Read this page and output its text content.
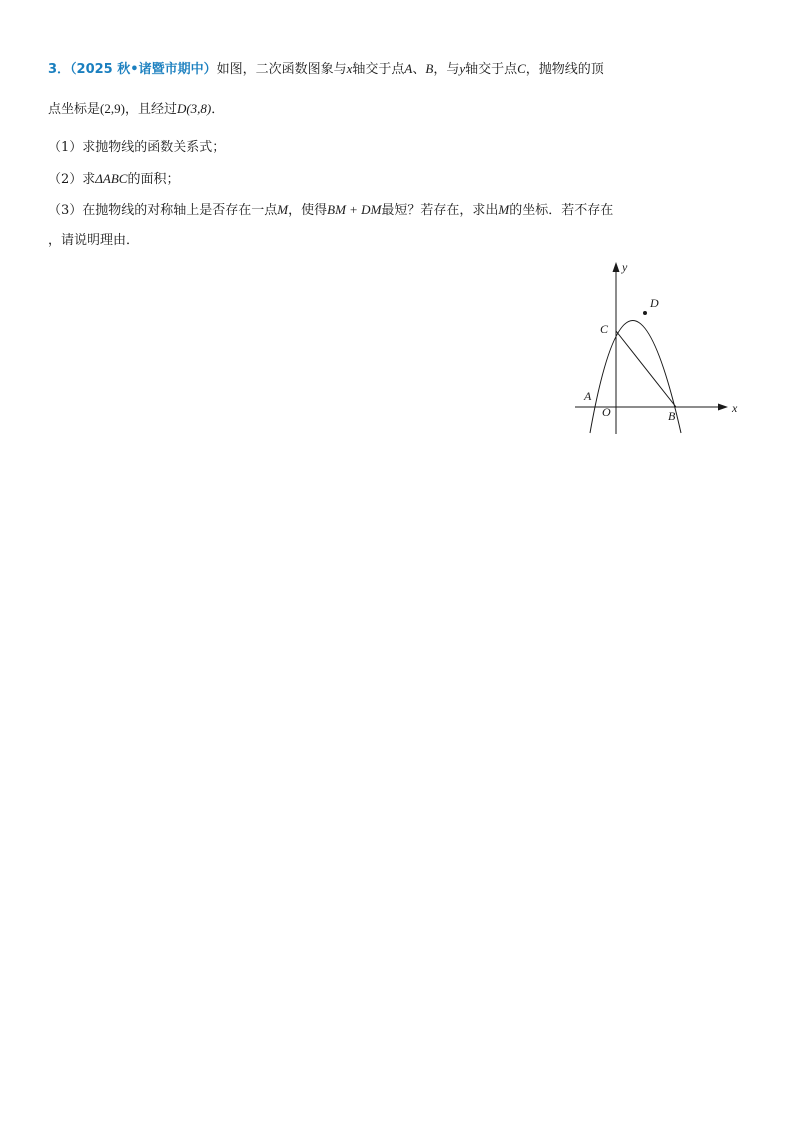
3．（2025 秋•诸暨市期中）如图，二次函数图象与x轴交于点A、B，与y轴交于点C，抛物线的顶
点坐标是(2,9)，且经过D(3,8)．
（1）求抛物线的函数关系式；
（2）求ΔABC的面积；
（3）在抛物线的对称轴上是否存在一点M，使得BM + DM最短？若存在，求出M的坐标．若不存在
，请说明理由．
y
x
O
A
B
C
D
